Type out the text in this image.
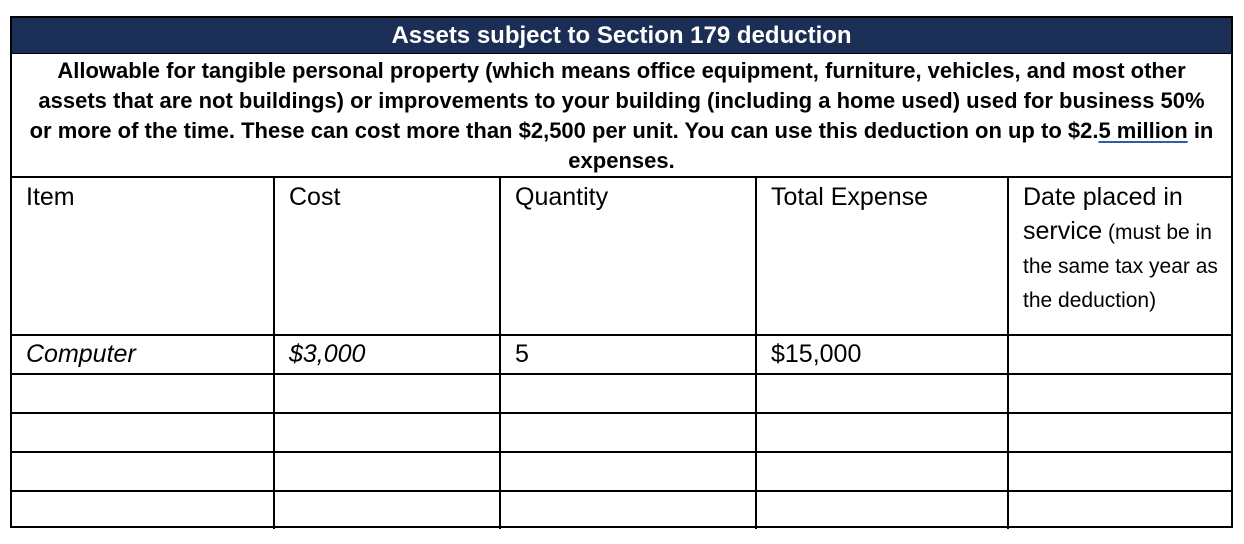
Assets subject to Section 179 deduction
Allowable for tangible personal property (which means office equipment, furniture, vehicles, and most other assets that are not buildings) or improvements to your building (including a home used) used for business 50% or more of the time. These can cost more than $2,500 per unit. You can use this deduction on up to $2.5 million in expenses.
Item	Cost	Quantity	Total Expense	Date placed in service (must be in the same tax year as the deduction)
Computer	$3,000	5	$15,000	
